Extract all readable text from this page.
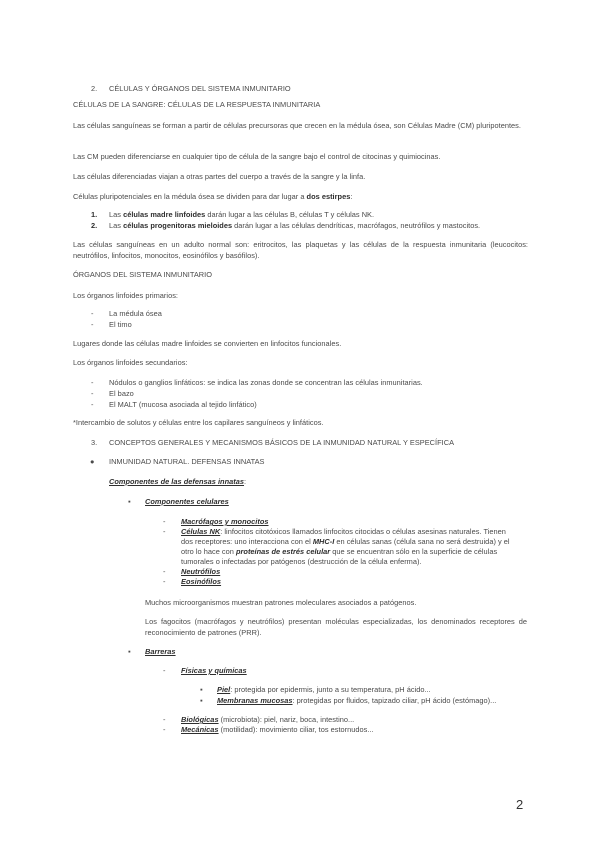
2. CÉLULAS Y ÓRGANOS DEL SISTEMA INMUNITARIO
CÉLULAS DE LA SANGRE: CÉLULAS DE LA RESPUESTA INMUNITARIA
Las células sanguíneas se forman a partir de células precursoras que crecen en la médula ósea, son Células Madre (CM) pluripotentes.
Las CM pueden diferenciarse en cualquier tipo de célula de la sangre bajo el control de citocinas y quimiocinas.
Las células diferenciadas viajan a otras partes del cuerpo a través de la sangre y la linfa.
Células pluripotenciales en la médula ósea se dividen para dar lugar a dos estirpes:
1. Las células madre linfoides darán lugar a las células B, células T y células NK.
2. Las células progenitoras mieloides darán lugar a las células dendríticas, macrófagos, neutrófilos y mastocitos.
Las células sanguíneas en un adulto normal son: eritrocitos, las plaquetas y las células de la respuesta inmunitaria (leucocitos: neutrófilos, linfocitos, monocitos, eosinófilos y basófilos).
ÓRGANOS DEL SISTEMA INMUNITARIO
Los órganos linfoides primarios:
- La médula ósea
- El timo
Lugares donde las células madre linfoides se convierten en linfocitos funcionales.
Los órganos linfoides secundarios:
- Nódulos o ganglios linfáticos: se indica las zonas donde se concentran las células inmunitarias.
- El bazo
- El MALT (mucosa asociada al tejido linfático)
*Intercambio de solutos y células entre los capilares sanguíneos y linfáticos.
3. CONCEPTOS GENERALES Y MECANISMOS BÁSICOS DE LA INMUNIDAD NATURAL Y ESPECÍFICA
● INMUNIDAD NATURAL. DEFENSAS INNATAS
Componentes de las defensas innatas:
▪ Componentes celulares
- Macrófagos y monocitos
- Células NK: linfocitos citotóxicos llamados linfocitos citocidas o células asesinas naturales. Tienen
dos receptores: uno interacciona con el MHC-I en células sanas (célula sana no será destruida) y el
otro lo hace con proteínas de estrés celular que se encuentran sólo en la superficie de células
tumorales o infectadas por patógenos (destrucción de la célula enferma).
- Neutrófilos
- Eosinófilos
Muchos microorganismos muestran patrones moleculares asociados a patógenos.
Los fagocitos (macrófagos y neutrófilos) presentan moléculas especializadas, los denominados receptores de reconocimiento de patrones (PRR).
▪ Barreras
- Físicas y químicas
▪ Piel: protegida por epidermis, junto a su temperatura, pH ácido...
▪ Membranas mucosas: protegidas por fluidos, tapizado ciliar, pH ácido (estómago)...
- Biológicas (microbiota): piel, nariz, boca, intestino...
- Mecánicas (motilidad): movimiento ciliar, tos estornudos...
2
